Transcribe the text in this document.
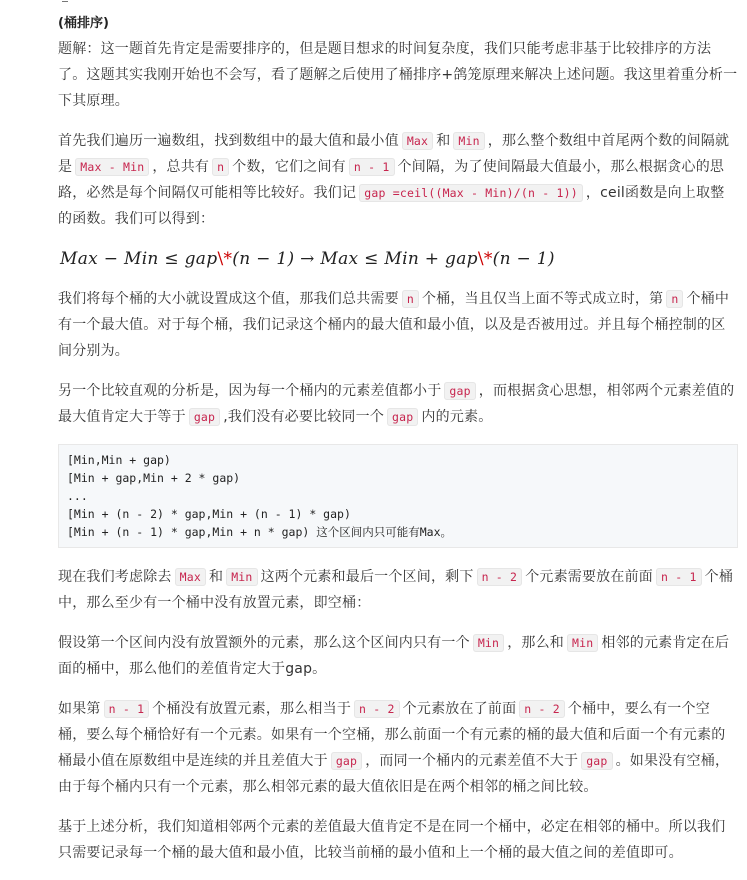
(桶排序)

题解：这一题首先肯定是需要排序的，但是题目想求的时间复杂度，我们只能考虑非基于比较排序的方法了。这题其实我刚开始也不会写，看了题解之后使用了桶排序+鸽笼原理来解决上述问题。我这里着重分析一下其原理。

首先我们遍历一遍数组，找到数组中的最大值和最小值 Max 和 Min ，那么整个数组中首尾两个数的间隔就是 Max - Min ，总共有 n 个数，它们之间有 n - 1 个间隔，为了使间隔最大值最小，那么根据贪心的思路，必然是每个间隔仅可能相等比较好。我们记 gap =ceil((Max - Min)/(n - 1)) ，ceil函数是向上取整的函数。我们可以得到：

Max − Min ≤ gap\*(n − 1) → Max ≤ Min + gap\*(n − 1)

我们将每个桶的大小就设置成这个值，那我们总共需要 n 个桶，当且仅当上面不等式成立时，第 n 个桶中有一个最大值。对于每个桶，我们记录这个桶内的最大值和最小值，以及是否被用过。并且每个桶控制的区间分别为。

另一个比较直观的分析是，因为每一个桶内的元素差值都小于 gap ，而根据贪心思想，相邻两个元素差值的最大值肯定大于等于 gap ,我们没有必要比较同一个 gap 内的元素。

[Min,Min + gap)
[Min + gap,Min + 2 * gap)
...
[Min + (n - 2) * gap,Min + (n - 1) * gap)
[Min + (n - 1) * gap,Min + n * gap) 这个区间内只可能有Max。

现在我们考虑除去 Max 和 Min 这两个元素和最后一个区间，剩下 n - 2 个元素需要放在前面 n - 1 个桶中，那么至少有一个桶中没有放置元素，即空桶：

假设第一个区间内没有放置额外的元素，那么这个区间内只有一个 Min ，那么和 Min 相邻的元素肯定在后面的桶中，那么他们的差值肯定大于gap。

如果第 n - 1 个桶没有放置元素，那么相当于 n - 2 个元素放在了前面 n - 2 个桶中，要么有一个空桶，要么每个桶恰好有一个元素。如果有一个空桶，那么前面一个有元素的桶的最大值和后面一个有元素的桶最小值在原数组中是连续的并且差值大于 gap ，而同一个桶内的元素差值不大于 gap 。如果没有空桶，由于每个桶内只有一个元素，那么相邻元素的最大值依旧是在两个相邻的桶之间比较。

基于上述分析，我们知道相邻两个元素的差值最大值肯定不是在同一个桶中，必定在相邻的桶中。所以我们只需要记录每一个桶的最大值和最小值，比较当前桶的最小值和上一个桶的最大值之间的差值即可。
